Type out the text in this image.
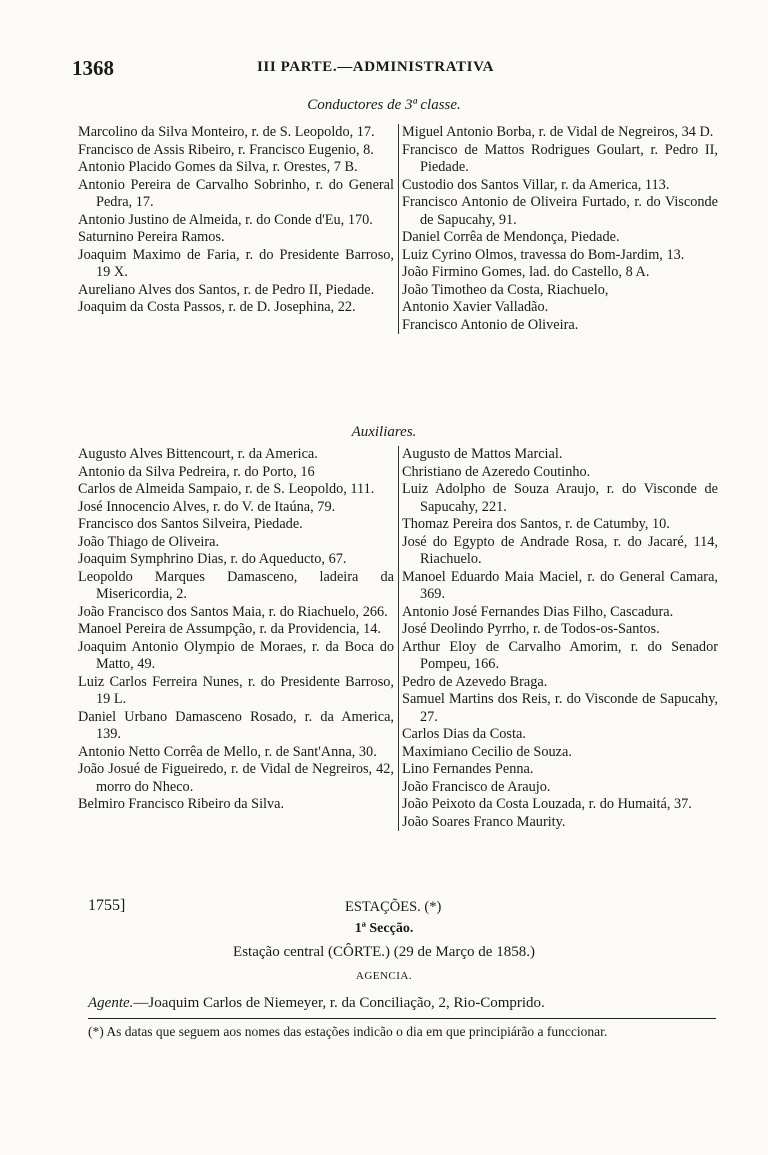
1368	III PARTE.—ADMINISTRATIVA
Conductores de 3ª classe.
Marcolino da Silva Monteiro, r. de S. Leopoldo, 17.
Francisco de Assis Ribeiro, r. Francisco Eugenio, 8.
Antonio Placido Gomes da Silva, r. Orestes, 7 B.
Antonio Pereira de Carvalho Sobrinho, r. do General Pedra, 17.
Antonio Justino de Almeida, r. do Conde d'Eu, 170.
Saturnino Pereira Ramos.
Joaquim Maximo de Faria, r. do Presidente Barroso, 19 X.
Aureliano Alves dos Santos, r. de Pedro II, Piedade.
Joaquim da Costa Passos, r. de D. Josephina, 22.
Miguel Antonio Borba, r. de Vidal de Negreiros, 34 D.
Francisco de Mattos Rodrigues Goulart, r. Pedro II, Piedade.
Custodio dos Santos Villar, r. da America, 113.
Francisco Antonio de Oliveira Furtado, r. do Visconde de Sapucahy, 91.
Daniel Corrêa de Mendonça, Piedade.
Luiz Cyrino Olmos, travessa do Bom-Jardim, 13.
João Firmino Gomes, lad. do Castello, 8 A.
João Timotheo da Costa, Riachuelo,
Antonio Xavier Valladão.
Francisco Antonio de Oliveira.
Auxiliares.
Augusto Alves Bittencourt, r. da America.
Antonio da Silva Pedreira, r. do Porto, 16
Carlos de Almeida Sampaio, r. de S. Leopoldo, 111.
José Innocencio Alves, r. do V. de Itaúna, 79.
Francisco dos Santos Silveira, Piedade.
João Thiago de Oliveira.
Joaquim Symphrino Dias, r. do Aqueducto, 67.
Leopoldo Marques Damasceno, ladeira da Misericordia, 2.
João Francisco dos Santos Maia, r. do Riachuelo, 266.
Manoel Pereira de Assumpção, r. da Providencia, 14.
Joaquim Antonio Olympio de Moraes, r. da Boca do Matto, 49.
Luiz Carlos Ferreira Nunes, r. do Presidente Barroso, 19 L.
Daniel Urbano Damasceno Rosado, r. da America, 139.
Antonio Netto Corrêa de Mello, r. de Sant'Anna, 30.
João Josué de Figueiredo, r. de Vidal de Negreiros, 42, morro do Nheco.
Belmiro Francisco Ribeiro da Silva.
Augusto de Mattos Marcial.
Christiano de Azeredo Coutinho.
Luiz Adolpho de Souza Araujo, r. do Visconde de Sapucahy, 221.
Thomaz Pereira dos Santos, r. de Catumby, 10.
José do Egypto de Andrade Rosa, r. do Jacaré, 114, Riachuelo.
Manoel Eduardo Maia Maciel, r. do General Camara, 369.
Antonio José Fernandes Dias Filho, Cascadura.
José Deolindo Pyrrho, r. de Todos-os-Santos.
Arthur Eloy de Carvalho Amorim, r. do Senador Pompeu, 166.
Pedro de Azevedo Braga.
Samuel Martins dos Reis, r. do Visconde de Sapucahy, 27.
Carlos Dias da Costa.
Maximiano Cecilio de Souza.
Lino Fernandes Penna.
João Francisco de Araujo.
João Peixoto da Costa Louzada, r. do Humaitá, 37.
João Soares Franco Maurity.
1755]	ESTAÇÕES. (*)
1ª Secção.
Estação central (CÔRTE.) (29 de Março de 1858.)
AGENCIA.
Agente.—Joaquim Carlos de Niemeyer, r. da Conciliação, 2, Rio-Comprido.
(*) As datas que seguem aos nomes das estações indicão o dia em que principiárão a funccionar.
